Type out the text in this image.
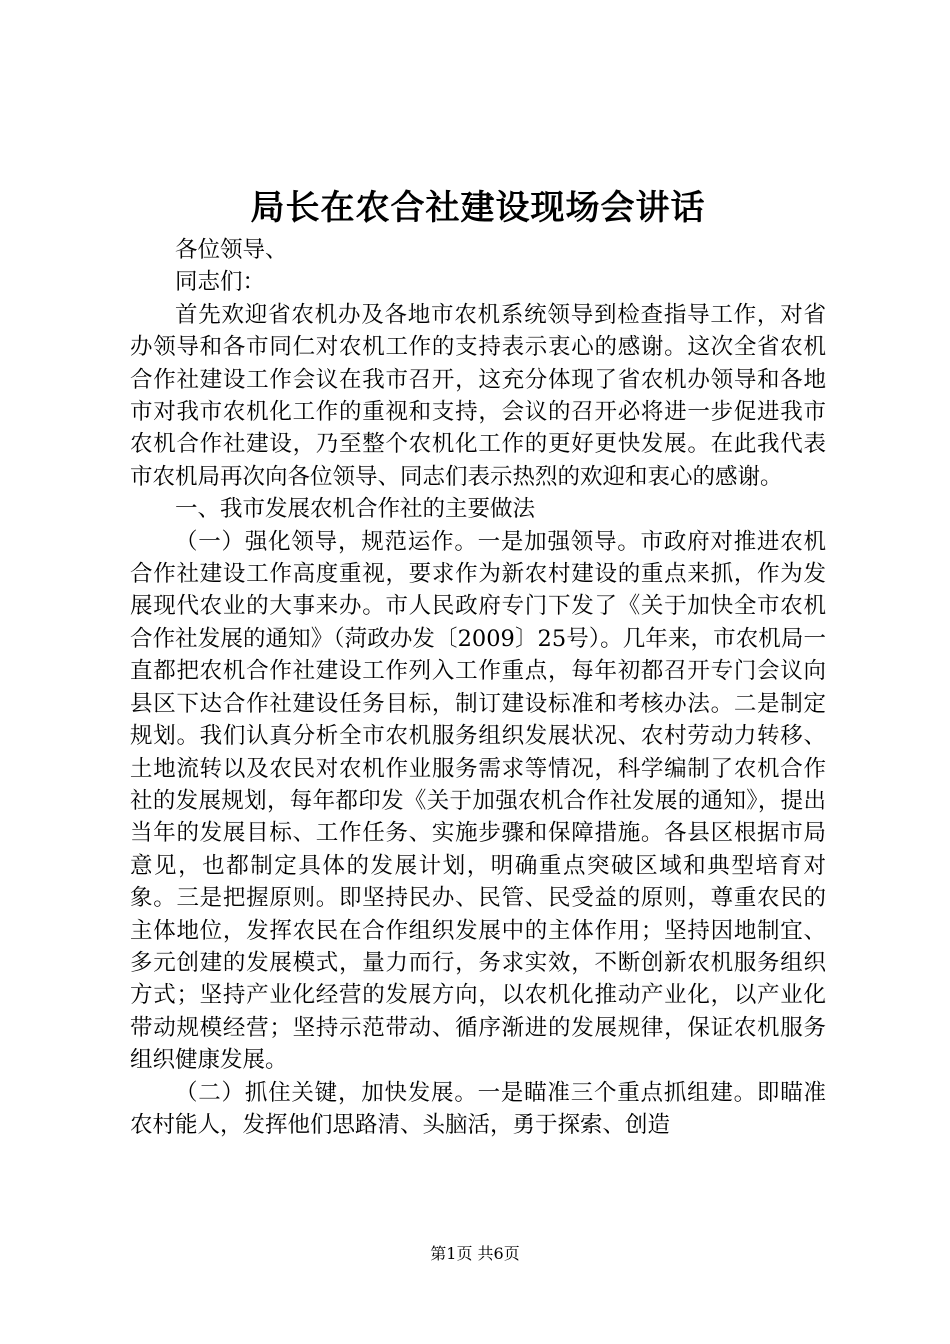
局长在农合社建设现场会讲话

各位领导、

同志们：

首先欢迎省农机办及各地市农机系统领导到检查指导工作，对省办领导和各市同仁对农机工作的支持表示衷心的感谢。这次全省农机合作社建设工作会议在我市召开，这充分体现了省农机办领导和各地市对我市农机化工作的重视和支持，会议的召开必将进一步促进我市农机合作社建设，乃至整个农机化工作的更好更快发展。在此我代表市农机局再次向各位领导、同志们表示热烈的欢迎和衷心的感谢。

一、我市发展农机合作社的主要做法

（一）强化领导，规范运作。一是加强领导。市政府对推进农机合作社建设工作高度重视，要求作为新农村建设的重点来抓，作为发展现代农业的大事来办。市人民政府专门下发了《关于加快全市农机合作社发展的通知》（菏政办发〔2009〕25号）。几年来，市农机局一直都把农机合作社建设工作列入工作重点，每年初都召开专门会议向县区下达合作社建设任务目标，制订建设标准和考核办法。二是制定规划。我们认真分析全市农机服务组织发展状况、农村劳动力转移、土地流转以及农民对农机作业服务需求等情况，科学编制了农机合作社的发展规划，每年都印发《关于加强农机合作社发展的通知》，提出当年的发展目标、工作任务、实施步骤和保障措施。各县区根据市局意见，也都制定具体的发展计划，明确重点突破区域和典型培育对象。三是把握原则。即坚持民办、民管、民受益的原则，尊重农民的主体地位，发挥农民在合作组织发展中的主体作用；坚持因地制宜、多元创建的发展模式，量力而行，务求实效，不断创新农机服务组织方式；坚持产业化经营的发展方向，以农机化推动产业化，以产业化带动规模经营；坚持示范带动、循序渐进的发展规律，保证农机服务组织健康发展。

（二）抓住关键，加快发展。一是瞄准三个重点抓组建。即瞄准农村能人，发挥他们思路清、头脑活，勇于探索、创造

第1页 共6页
